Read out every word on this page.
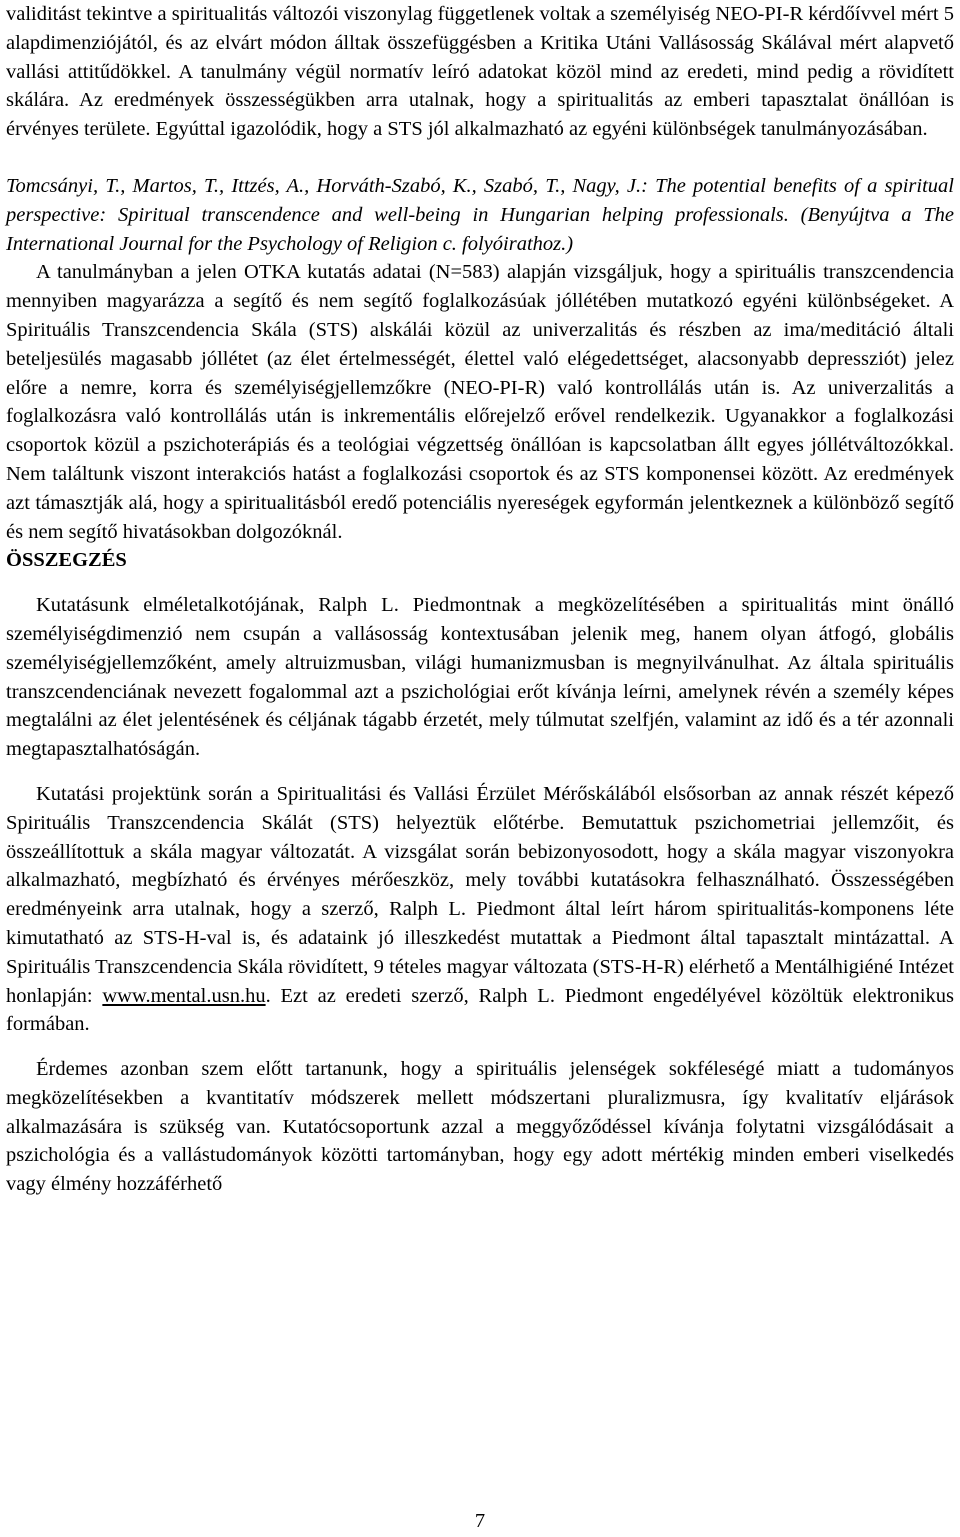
validitást tekintve a spiritualitás változói viszonylag függetlenek voltak a személyiség NEO-PI-R kérdőívvel mért 5 alapdimenziójától, és az elvárt módon álltak összefüggésben a Kritika Utáni Vallásosság Skálával mért alapvető vallási attitűdökkel. A tanulmány végül normatív leíró adatokat közöl mind az eredeti, mind pedig a rövidített skálára. Az eredmények összességükben arra utalnak, hogy a spiritualitás az emberi tapasztalat önállóan is érvényes területe. Egyúttal igazolódik, hogy a STS jól alkalmazható az egyéni különbségek tanulmányozásában.

Tomcsányi, T., Martos, T., Ittzés, A., Horváth-Szabó, K., Szabó, T., Nagy, J.: The potential benefits of a spiritual perspective: Spiritual transcendence and well-being in Hungarian helping professionals. (Benyújtva a The International Journal for the Psychology of Religion c. folyóirathoz.)

A tanulmányban a jelen OTKA kutatás adatai (N=583) alapján vizsgáljuk, hogy a spirituális transzcendencia mennyiben magyarázza a segítő és nem segítő foglalkozásúak jóllétében mutatkozó egyéni különbségeket. A Spirituális Transzcendencia Skála (STS) alskálái közül az univerzalitás és részben az ima/meditáció általi beteljesülés magasabb jóllétet (az élet értelmességét, élettel való elégedettséget, alacsonyabb depressziót) jelez előre a nemre, korra és személyiségjellemzőkre (NEO-PI-R) való kontrollálás után is. Az univerzalitás a foglalkozásra való kontrollálás után is inkrementális előrejelző erővel rendelkezik. Ugyanakkor a foglalkozási csoportok közül a pszichoterápiás és a teológiai végzettség önállóan is kapcsolatban állt egyes jóllétváltozókkal. Nem találtunk viszont interakciós hatást a foglalkozási csoportok és az STS komponensei között. Az eredmények azt támasztják alá, hogy a spiritualitásból eredő potenciális nyereségek egyformán jelentkeznek a különböző segítő és nem segítő hivatásokban dolgozóknál.

ÖSSZEGZÉS

Kutatásunk elméletalkotójának, Ralph L. Piedmontnak a megközelítésében a spiritualitás mint önálló személyiségdimenzió nem csupán a vallásosság kontextusában jelenik meg, hanem olyan átfogó, globális személyiségjellemzőként, amely altruizmusban, világi humanizmusban is megnyilvánulhat. Az általa spirituális transzcendenciának nevezett fogalommal azt a pszichológiai erőt kívánja leírni, amelynek révén a személy képes megtalálni az élet jelentésének és céljának tágabb érzetét, mely túlmutat szelfjén, valamint az idő és a tér azonnali megtapasztalhatóságán.

Kutatási projektünk során a Spiritualitási és Vallási Érzület Mérőskálából elsősorban az annak részét képező Spirituális Transzcendencia Skálát (STS) helyeztük előtérbe. Bemutattuk pszichometriai jellemzőit, és összeállítottuk a skála magyar változatát. A vizsgálat során bebizonyosodott, hogy a skála magyar viszonyokra alkalmazható, megbízható és érvényes mérőeszköz, mely további kutatásokra felhasználható. Összességében eredményeink arra utalnak, hogy a szerző, Ralph L. Piedmont által leírt három spiritualitás-komponens léte kimutatható az STS-H-val is, és adataink jó illeszkedést mutattak a Piedmont által tapasztalt mintázattal. A Spirituális Transzcendencia Skála rövidített, 9 tételes magyar változata (STS-H-R) elérhető a Mentálhigiéné Intézet honlapján: www.mental.usn.hu. Ezt az eredeti szerző, Ralph L. Piedmont engedélyével közöltük elektronikus formában.

Érdemes azonban szem előtt tartanunk, hogy a spirituális jelenségek sokféleségé miatt a tudományos megközelítésekben a kvantitatív módszerek mellett módszertani pluralizmusra, így kvalitatív eljárások alkalmazására is szükség van. Kutatócsoportunk azzal a meggyőződéssel kívánja folytatni vizsgálódásait a pszichológia és a vallástudományok közötti tartományban, hogy egy adott mértékig minden emberi viselkedés vagy élmény hozzáférhető

7
